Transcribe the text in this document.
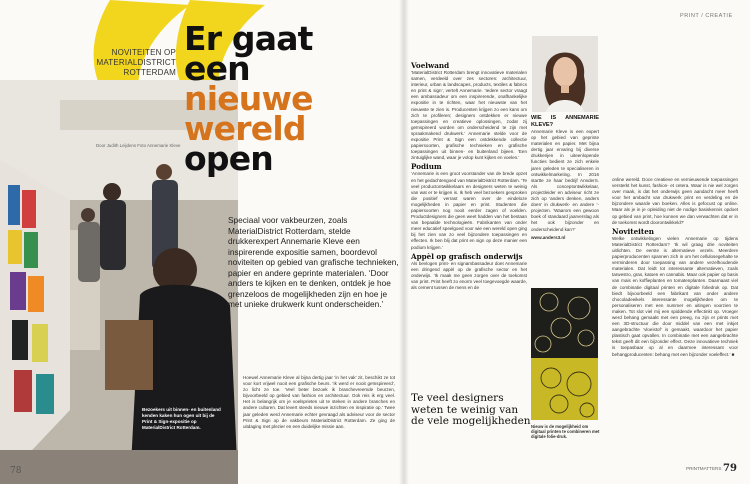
Bezoekers uit binnen- en buitenland kenden kaken hun ogen uit bij de Print & Sign-expositie op MaterialDistrict Rotterdam.
NOVITEITEN OP MATERIALDISTRICT ROTTERDAM
Er gaat
een
nieuwe
wereld
open
Door Judith Leijdens Foto Annemarie Kleve
Speciaal voor vakbeurzen, zoals MaterialDistrict Rotterdam, stelde drukkerexpert Annemarie Kleve een inspirerende expositie samen, boordevol noviteiten op gebied van grafische technieken, papier en andere geprinte materialen. ‘Door anders te kijken en te denken, ontdek je hoe grenzeloos de mogelijkheden zijn en hoe je met unieke drukwerk kunt onderscheiden.’

Hoewel Annemarie Kleve al bijna dertig jaar ‘in het vak’ zit, beschikt ze tot voor kort vrijwel nooit een grafische beurs. ‘Ik werd er nooit geïnspireerd’, zo licht ze toe. ‘Veel beter bezoek ik branchevreemde beurzen, bijvoorbeeld op gebied van fashion en architectuur. Ook reis ik erg veel. Het is belangrijk om je voelsprieten uit te steken in andere branches en andere culturen. Dat levert steeds nieuwe inzichten en inspiratie op.’ Twee jaar geleden werd Annemarie echter gevraagd als adviseur voor de sector Print & Sign op de vakbeurs MaterialDistrict Rotterdam. Ze ging de uitdaging met plezier en een duidelijke missie aan.

78
PRINT / CREATIE
Voelwand

‘MaterialDistrict Rotterdam brengt innovatieve materialen samen, verdeeld over zes sectoren: architectuur, interieur, urban & landscapes, products, textiles & fabrics en print & sign’, vertelt Annemarie. ‘Iedere sector vraagt een ambassadeur om een inspirerende, onafhankelijke expositie in te richten, waar het nieuwste van het nieuwste te zien is. Producenten krijgen zo een kans om zich te profileren; designers ontdekken er nieuwe toepassingen en creatieve oplossingen, zodat zij geïnspireerd worden om onderscheidend te zijn met spraakmakend drukwerk.’ Annemarie stelde voor de expositie Print & Sign een ontdekkende collectie papiersoorten, grafische technieken en grafische toepassingen uit binnen- en buitenland bijeen. ‘Een zintuiglijke wand, waar je volop kunt kijken en voelen.’

Podium

‘Annemarie is een groot voorstander van de brede opzet en het gedachtengoed van MaterialDistrict Rotterdam. ‘Te veel productontwikkelaars en designers weten te weinig van wat er te krijgen is. Ik heb veel bezoekers gesproken die positief verrast waren over de eindeloze mogelijkheden in papier en print. Studenten die papiersoorten nog nooit eerder zagen of voelden. Productdesigners die geen weet hadden van het bestaan van bepaalde technologieën. Fabrikanten van onder meer educatief speelgoed voor wie een wereld open ging bij het zien van zo veel bijzondere toepassingen en effecten. Ik ben blij dat print en sign op deze manier een podium krijgen.’

Appèl op grafisch onderwijs

Als bevlogen print- en signambassadeur doet Annemarie een dringend appèl op de grafische sector en het onderwijs. ‘Ik maak me geen zorgen over de toekomst van print. Print heeft zo enorm veel toegevoegde waarde, als cement tussen de mens en de

Te veel designers weten te weinig van de vele mogelijkheden
WIE IS ANNEMARIE KLEVE?

Annemarie Kleve is een expert op het gebied van geprinte materialen en papier. Met bijna dertig jaar ervaring bij diverse drukkerijen in uiteenlopende functies bedient ze zich enkele jaren geleden te specialiseren in ontwikkelmarketing. In 2016 startte ze haar bedrijf AnnderS. Als conceptontwikkelaar, projectleider en adviseur richt ze zich op ‘anders denken, anders doen’ in drukwerk- en andere ‘-projecten. ‘Waarom een gewoon boek of standaard jaarverslag als het ook bijzonder en onderscheidend kan?’

www.anders3.nl

Nieuw is de mogelijkheid om digitaal printen te combineren met digitale folie-druk.

online wereld. Doce creatieve en vernieuwende toepassingen versterkt het kunst, fashion- et cetera. Waar is nie wel zorgen over maak, is dat het onderwijs geen aandacht meer heeft voor het ambacht van drukwerk print en verdeling en de bijzondere waarde van boeken. Alles is gefocust op online. Maar als je in je opleiding niet de nodige basiskennis opdoet op gebied van print, hoe kunnen we dan verwachten dat er in de toekomst wordt doorontwikkeld?’

Noviteiten

Welke ontwikkelingen vielen Annemarie op tijdens MaterialDistrict Rotterdam? ‘Ik wil graag drie noviteiten uitlichten. De eerste is alternatieve vezels. Meerdere papierproducenten spannen zich in om het cellulosegehalte te verminderen door toepassing van andere vezelhoudende materialen. Dat leidt tot interessante alternatieven, zoals tarwestro, gras, katoen en cannabis. Maar ook papier op basis van mais en koffieplanten en tomatenplanten. Daarnaast viel de combinatie digitaal printen en digitale foliedruk op. Dat biedt bijvoorbeeld een fabrikant van onder andere chocoladeeikels interessante mogelijkheden om te personaliseren met een nummer en uitingen voorzien te maken. Tot slot viel mij een spiddende effectinkt op. Vroeger werd behang gemaakt met een preeg, nu zijn er prints met een 3D-structuur die door middel van een met inkjet aangebrachte ‘vloeistof’ is gemaakt, waardoor het papier plastisch gaat opvallen. In combinatie met een aangebrachte tekst geeft dit een bijzonder effect. Deze innovatieve techniek is toepasbaar op al en daarmee interessant voor behangproducenten: behang met een bijzonder voeleffect.’ ■

PRINTMATTERS 79
